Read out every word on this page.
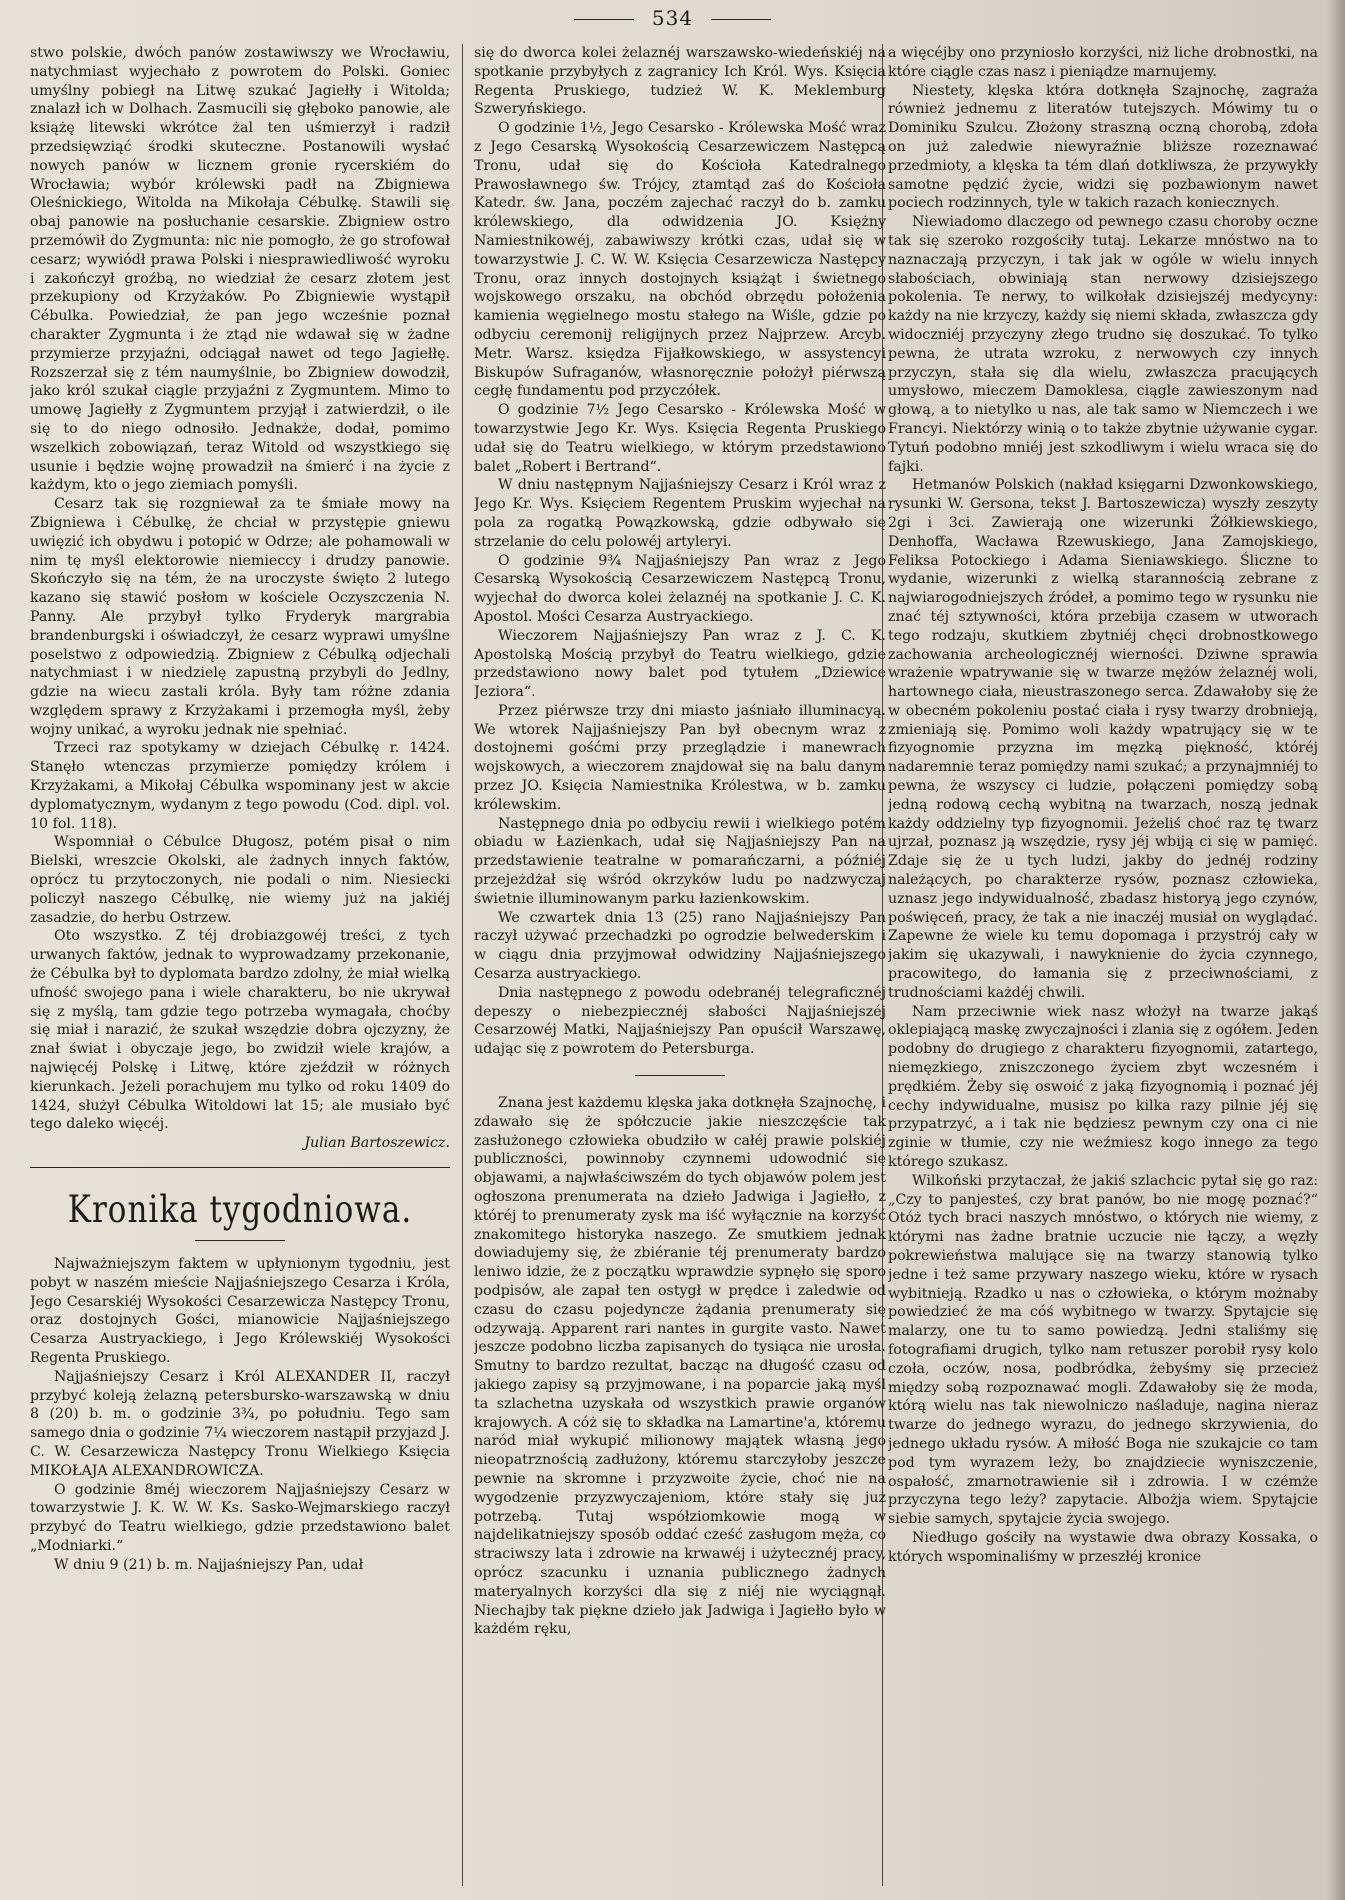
534

stwo polskie, dwóch panów zostawiwszy we Wrocławiu, natychmiast wyjechało z powrotem do Polski. Goniec umyślny pobiegł na Litwę szukać Jagiełły i Witolda; znalazł ich w Dolhach. Zasmucili się głęboko panowie, ale książę litewski wkrótce żal ten uśmierzył i radził przedsięwziąć środki skuteczne. Postanowili wysłać nowych panów w licznem gronie rycerskiém do Wrocławia; wybór królewski padł na Zbigniewa Oleśnickiego, Witolda na Mikołaja Cébulkę. Stawili się obaj panowie na posłuchanie cesarskie. Zbigniew ostro przemówił do Zygmunta: nic nie pomogło, że go strofował cesarz; wywiódł prawa Polski i niesprawiedliwość wyroku i zakończył groźbą, no wiedział że cesarz złotem jest przekupiony od Krzyżaków. Po Zbigniewie wystąpił Cébulka. Powiedział, że pan jego wcześnie poznał charakter Zygmunta i że ztąd nie wdawał się w żadne przymierze przyjaźni, odciągał nawet od tego Jagiełłę. Rozszerzał się z tém naumyślnie, bo Zbigniew dowodził, jako król szukał ciągle przyjaźni z Zygmuntem. Mimo to umowę Jagiełły z Zygmuntem przyjął i zatwierdził, o ile się to do niego odnosiło. Jednakże, dodał, pomimo wszelkich zobowiązań, teraz Witold od wszystkiego się usunie i będzie wojnę prowadził na śmierć i na życie z każdym, kto o jego ziemiach pomyśli.

Cesarz tak się rozgniewał za te śmiałe mowy na Zbigniewa i Cébulkę, że chciał w przystępie gniewu uwięzić ich obydwu i potopić w Odrze; ale pohamowali w nim tę myśl elektorowie niemieccy i drudzy panowie. Skończyło się na tém, że na uroczyste święto 2 lutego kazano się stawić posłom w kościele Oczyszczenia N. Panny. Ale przybył tylko Fryderyk margrabia brandenburgski i oświadczył, że cesarz wyprawi umyślne poselstwo z odpowiedzią. Zbigniew z Cébulką odjechali natychmiast i w niedzielę zapustną przybyli do Jedlny, gdzie na wiecu zastali króla. Były tam różne zdania względem sprawy z Krzyżakami i przemogła myśl, żeby wojny unikać, a wyroku jednak nie spełniać.

Trzeci raz spotykamy w dziejach Cébulkę r. 1424. Stanęło wtenczas przymierze pomiędzy królem i Krzyżakami, a Mikołaj Cébulka wspominany jest w akcie dyplomatycznym, wydanym z tego powodu (Cod. dipl. vol. 10 fol. 118).

Wspomniał o Cébulce Długosz, potém pisał o nim Bielski, wreszcie Okolski, ale żadnych innych faktów, oprócz tu przytoczonych, nie podali o nim. Niesiecki policzył naszego Cébulkę, nie wiemy już na jakiéj zasadzie, do herbu Ostrzew.

Oto wszystko. Z téj drobiazgowéj treści, z tych urwanych faktów, jednak to wyprowadzamy przekonanie, że Cébulka był to dyplomata bardzo zdolny, że miał wielką ufność swojego pana i wiele charakteru, bo nie ukrywał się z myślą, tam gdzie tego potrzeba wymagała, choćby się miał i narazić, że szukał wszędzie dobra ojczyzny, że znał świat i obyczaje jego, bo zwidził wiele krajów, a najwięcéj Polskę i Litwę, które zjeździł w różnych kierunkach. Jeżeli porachujem mu tylko od roku 1409 do 1424, służył Cébulka Witoldowi lat 15; ale musiało być tego daleko więcéj.

Julian Bartoszewicz.
Kronika tygodniowa.

Najważniejszym faktem w upłynionym tygodniu, jest pobyt w naszém mieście Najjaśniejszego Cesarza i Króla, Jego Cesarskiéj Wysokości Cesarzewicza Następcy Tronu, oraz dostojnych Gości, mianowicie Najjaśniejszego Cesarza Austryackiego, i Jego Królewskiéj Wysokości Regenta Pruskiego.

Najjaśniejszy Cesarz i Król ALEXANDER II, raczył przybyć koleją żelazną petersbursko-warszawską w dniu 8 (20) b. m. o godzinie 3¾, po południu. Tego sam samego dnia o godzinie 7¼ wieczorem nastąpił przyjazd J. C. W. Cesarzewicza Następcy Tronu Wielkiego Księcia MIKOŁAJA ALEXANDROWICZA.

O godzinie 8méj wieczorem Najjaśniejszy Cesarz w towarzystwie J. K. W. W. Ks. Sasko-Wejmarskiego raczył przybyć do Teatru wielkiego, gdzie przedstawiono balet „Modniarki.“

W dniu 9 (21) b. m. Najjaśniejszy Pan, udał

się do dworca kolei żelaznéj warszawsko-wiedeńskiéj na spotkanie przybyłych z zagranicy Ich Król. Wys. Księcia Regenta Pruskiego, tudzież W. K. Meklemburg Szweryńskiego.

O godzinie 1½, Jego Cesarsko - Królewska Mość wraz z Jego Cesarską Wysokością Cesarzewiczem Następcą Tronu, udał się do Kościoła Katedralnego Prawosławnego św. Trójcy, ztamtąd zaś do Kościoła Katedr. św. Jana, poczém zajechać raczył do b. zamku królewskiego, dla odwidzenia JO. Księżny Namiestnikowéj, zabawiwszy krótki czas, udał się w towarzystwie J. C. W. W. Księcia Cesarzewicza Następcy Tronu, oraz innych dostojnych książąt i świetnego wojskowego orszaku, na obchód obrzędu położenia kamienia węgielnego mostu stałego na Wiśle, gdzie po odbyciu ceremonij religijnych przez Najprzew. Arcyb. Metr. Warsz. księdza Fijałkowskiego, w assystencyi Biskupów Sufraganów, własnoręcznie położył piérwszą cegłę fundamentu pod przyczółek.

O godzinie 7½ Jego Cesarsko - Królewska Mość w towarzystwie Jego Kr. Wys. Księcia Regenta Pruskiego udał się do Teatru wielkiego, w którym przedstawiono balet „Robert i Bertrand“.

W dniu następnym Najjaśniejszy Cesarz i Król wraz z Jego Kr. Wys. Księciem Regentem Pruskim wyjechał na pola za rogatką Powązkowską, gdzie odbywało się strzelanie do celu polowéj artyleryi.

O godzinie 9¾ Najjaśniejszy Pan wraz z Jego Cesarską Wysokością Cesarzewiczem Następcą Tronu, wyjechał do dworca kolei żelaznéj na spotkanie J. C. K. Apostol. Mości Cesarza Austryackiego.

Wieczorem Najjaśniejszy Pan wraz z J. C. K. Apostolską Mością przybył do Teatru wielkiego, gdzie przedstawiono nowy balet pod tytułem „Dziewice Jeziora“.

Przez piérwsze trzy dni miasto jaśniało illuminacyą. We wtorek Najjaśniejszy Pan był obecnym wraz z dostojnemi gośćmi przy przeglądzie i manewrach wojskowych, a wieczorem znajdował się na balu danym przez JO. Księcia Namiestnika Królestwa, w b. zamku królewskim.

Następnego dnia po odbyciu rewii i wielkiego potém obiadu w Łazienkach, udał się Najjaśniejszy Pan na przedstawienie teatralne w pomarańczarni, a późniéj przejeżdżał się wśród okrzyków ludu po nadzwyczaj świetnie illuminowanym parku łazienkowskim.

We czwartek dnia 13 (25) rano Najjaśniejszy Pan raczył używać przechadzki po ogrodzie belwederskim i w ciągu dnia przyjmował odwidziny Najjaśniejszego Cesarza austryackiego.

Dnia następnego z powodu odebranéj telegraficznéj depeszy o niebezpiecznéj słabości Najjaśniejszéj Cesarzowéj Matki, Najjaśniejszy Pan opuścił Warszawę, udając się z powrotem do Petersburga.

Znana jest każdemu klęska jaka dotknęła Szajnochę, i zdawało się że spółczucie jakie nieszczęście tak zasłużonego człowieka obudziło w całéj prawie polskiéj publiczności, powinnoby czynnemi udowodnić się objawami, a najwłaściwszém do tych objawów polem jest ogłoszona prenumerata na dzieło Jadwiga i Jagiełło, z któréj to prenumeraty zysk ma iść wyłącznie na korzyść znakomitego historyka naszego. Ze smutkiem jednak dowiadujemy się, że zbiéranie téj prenumeraty bardzo leniwo idzie, że z początku wprawdzie sypnęło się sporo podpisów, ale zapał ten ostygł w prędce i zaledwie od czasu do czasu pojedyncze żądania prenumeraty się odzywają. Apparent rari nantes in gurgite vasto. Nawet jeszcze podobno liczba zapisanych do tysiąca nie urosła. Smutny to bardzo rezultat, bacząc na długość czasu od jakiego zapisy są przyjmowane, i na poparcie jaką myśl ta szlachetna uzyskała od wszystkich prawie organów krajowych. A cóż się to składka na Lamartine'a, któremu naród miał wykupić milionowy majątek własną jego nieopatrznością zadłużony, któremu starczyłoby jeszcze pewnie na skromne i przyzwoite życie, choć nie na wygodzenie przyzwyczajeniom, które stały się już potrzebą. Tutaj współziomkowie mogą w najdelikatniejszy sposób oddać cześć zasługom męża, co straciwszy lata i zdrowie na krwawéj i użytecznéj pracy, oprócz szacunku i uznania publicznego żadnych materyalnych korzyści dla się z niéj nie wyciągnął. Niechajby tak piękne dzieło jak Jadwiga i Jagiełło było w każdém ręku,

a więcéjby ono przyniosło korzyści, niż liche drobnostki, na które ciągle czas nasz i pieniądze marnujemy.

Niestety, klęska która dotknęła Szajnochę, zagraża również jednemu z literatów tutejszych. Mówimy tu o Dominiku Szulcu. Złożony straszną oczną chorobą, zdoła on już zaledwie niewyraźnie bliższe rozeznawać przedmioty, a klęska ta tém dlań dotkliwsza, że przywykły samotne pędzić życie, widzi się pozbawionym nawet pociech rodzinnych, tyle w takich razach koniecznych.

Niewiadomo dlaczego od pewnego czasu choroby oczne tak się szeroko rozgościły tutaj. Lekarze mnóstwo na to naznaczają przyczyn, i tak jak w ogóle w wielu innych słabościach, obwiniają stan nerwowy dzisiejszego pokolenia. Te nerwy, to wilkołak dzisiejszéj medycyny: każdy na nie krzyczy, każdy się niemi składa, zwłaszcza gdy widoczniéj przyczyny złego trudno się doszukać. To tylko pewna, że utrata wzroku, z nerwowych czy innych przyczyn, stała się dla wielu, zwłaszcza pracujących umysłowo, mieczem Damoklesa, ciągle zawieszonym nad głową, a to nietylko u nas, ale tak samo w Niemczech i we Francyi. Niektórzy winią o to także zbytnie używanie cygar. Tytuń podobno mniéj jest szkodliwym i wielu wraca się do fajki.

Hetmanów Polskich (nakład księgarni Dzwonkowskiego, rysunki W. Gersona, tekst J. Bartoszewicza) wyszły zeszyty 2gi i 3ci. Zawierają one wizerunki Żółkiewskiego, Denhoffa, Wacława Rzewuskiego, Jana Zamojskiego, Feliksa Potockiego i Adama Sieniawskiego. Śliczne to wydanie, wizerunki z wielką starannością zebrane z najwiarogodniejszych źródeł, a pomimo tego w rysunku nie znać téj sztywności, która przebija czasem w utworach tego rodzaju, skutkiem zbytniéj chęci drobnostkowego zachowania archeologicznéj wierności. Dziwne sprawia wrażenie wpatrywanie się w twarze mężów żelaznéj woli, hartownego ciała, nieustraszonego serca. Zdawałoby się że w obecném pokoleniu postać ciała i rysy twarzy drobnieją, zmieniają się. Pomimo woli każdy wpatrujący się w te fizyognomie przyzna im męzką piękność, któréj nadaremnie teraz pomiędzy nami szukać; a przynajmniéj to pewna, że wszyscy ci ludzie, połączeni pomiędzy sobą jedną rodową cechą wybitną na twarzach, noszą jednak każdy oddzielny typ fizyognomii. Jeżeliś choć raz tę twarz ujrzał, poznasz ją wszędzie, rysy jéj wbiją ci się w pamięć. Zdaje się że u tych ludzi, jakby do jednéj rodziny należących, po charakterze rysów, poznasz człowieka, uznasz jego indywidualność, zbadasz historyą jego czynów, poświęceń, pracy, że tak a nie inaczéj musiał on wyglądać. Zapewne że wiele ku temu dopomaga i przystrój cały w jakim się ukazywali, i nawyknienie do życia czynnego, pracowitego, do łamania się z przeciwnościami, z trudnościami każdéj chwili.

Nam przeciwnie wiek nasz włożył na twarze jakąś oklepiającą maskę zwyczajności i zlania się z ogółem. Jeden podobny do drugiego z charakteru fizyognomii, zatartego, niemęzkiego, zniszczonego życiem zbyt wczesném i prędkiém. Żeby się oswoić z jaką fizyognomią i poznać jéj cechy indywidualne, musisz po kilka razy pilnie jéj się przypatrzyć, a i tak nie będziesz pewnym czy ona ci nie zginie w tłumie, czy nie weźmiesz kogo innego za tego którego szukasz.

Wilkoński przytaczał, że jakiś szlachcic pytał się go raz: „Czy to panjesteś, czy brat panów, bo nie mogę poznać?“ Otóż tych braci naszych mnóstwo, o których nie wiemy, z którymi nas żadne bratnie uczucie nie łączy, a węzły pokrewieństwa malujące się na twarzy stanowią tylko jedne i też same przywary naszego wieku, które w rysach wybitnieją. Rzadko u nas o człowieka, o którym możnaby powiedzieć że ma cóś wybitnego w twarzy. Spytajcie się malarzy, one tu to samo powiedzą. Jedni staliśmy się fotografiami drugich, tylko nam retuszer porobił rysy kolo czoła, oczów, nosa, podbródka, żebyśmy się przecież między sobą rozpoznawać mogli. Zdawałoby się że moda, którą wielu nas tak niewolniczo naśladuje, nagina nieraz twarze do jednego wyrazu, do jednego skrzywienia, do jednego układu rysów. A miłość Boga nie szukajcie co tam pod tym wyrazem leży, bo znajdziecie wyniszczenie, ospałość, zmarnotrawienie sił i zdrowia. I w czémże przyczyna tego leży? zapytacie. Albożja wiem. Spytajcie siebie samych, spytajcie życia swojego.

Niedługo gościły na wystawie dwa obrazy Kossaka, o których wspominaliśmy w przeszłéj kronice
